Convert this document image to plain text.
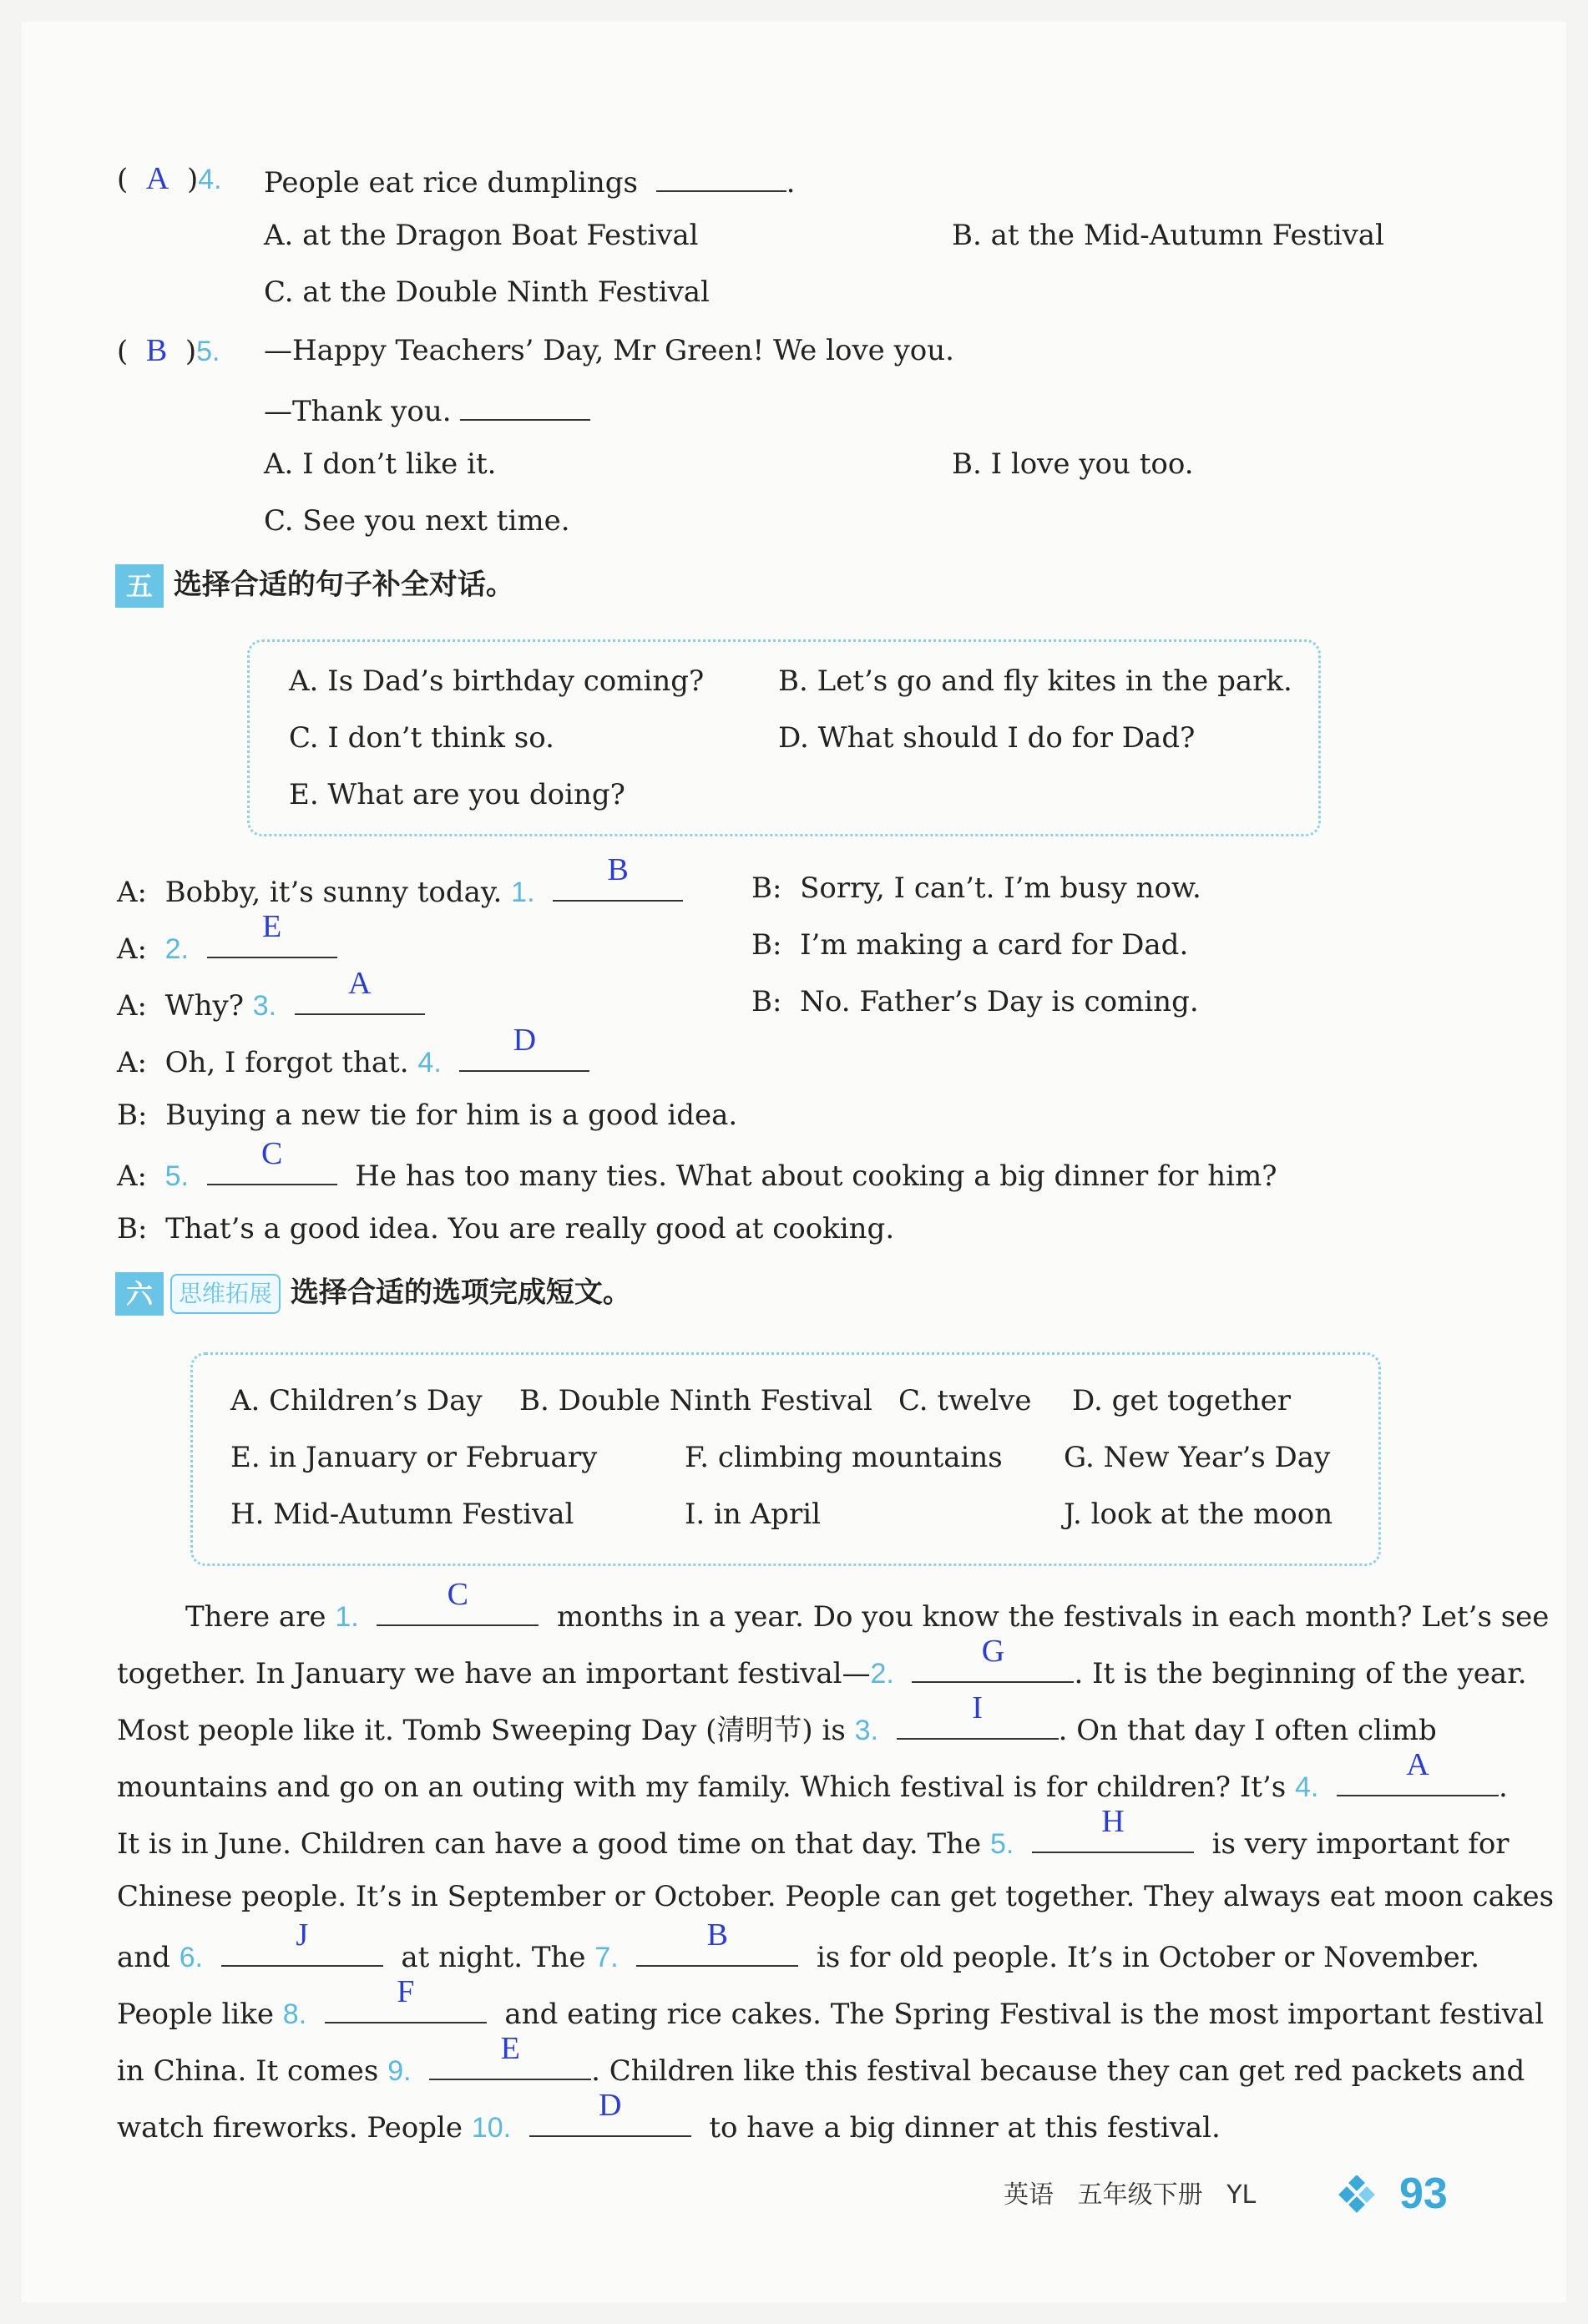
(  A  )4. People eat rice dumplings	.
A. at the Dragon Boat Festival	B. at the Mid-Autumn Festival
C. at the Double Ninth Festival
(  B  )5. —Happy Teachers’ Day, Mr Green! We love you.
—Thank you.
A. I don’t like it.	B. I love you too.
C. See you next time.
五 选择合适的句子补全对话。
A. Is Dad’s birthday coming?	B. Let’s go and fly kites in the park.
C. I don’t think so.	D. What should I do for Dad?
E. What are you doing?
A: Bobby, it’s sunny today. 1.
B
B: Sorry, I can’t. I’m busy now.
A: 2.
E
B: I’m making a card for Dad.
A: Why? 3.
A
B: No. Father’s Day is coming.
A: Oh, I forgot that. 4.
D
B: Buying a new tie for him is a good idea.
A: 5.
C
He has too many ties. What about cooking a big dinner for him?
B: That’s a good idea. You are really good at cooking.
六 思维拓展 选择合适的选项完成短文。
A. Children’s Day B. Double Ninth Festival C. twelve D. get together
E. in January or February	F. climbing mountains G. New Year’s Day
H. Mid-Autumn Festival	I. in April	J. look at the moon
There are 1.
C
months in a year. Do you know the festivals in each month? Let’s see
together. In January we have an important festival—2.
G
. It is the beginning of the year.
Most people like it. Tomb Sweeping Day (清明节) is 3.
I
. On that day I often climb
mountains and go on an outing with my family. Which festival is for children? It’s 4.
A
.
It is in June. Children can have a good time on that day. The 5.
H
is very important for
Chinese people. It’s in September or October. People can get together. They always eat moon cakes
and 6.
J
at night. The 7.
B
is for old people. It’s in October or November.
People like 8.
F
and eating rice cakes. The Spring Festival is the most important festival
in China. It comes 9.
E
. Children like this festival because they can get red packets and
watch fireworks. People 10.
D
to have a big dinner at this festival.
英语 五年级下册 YL	93
